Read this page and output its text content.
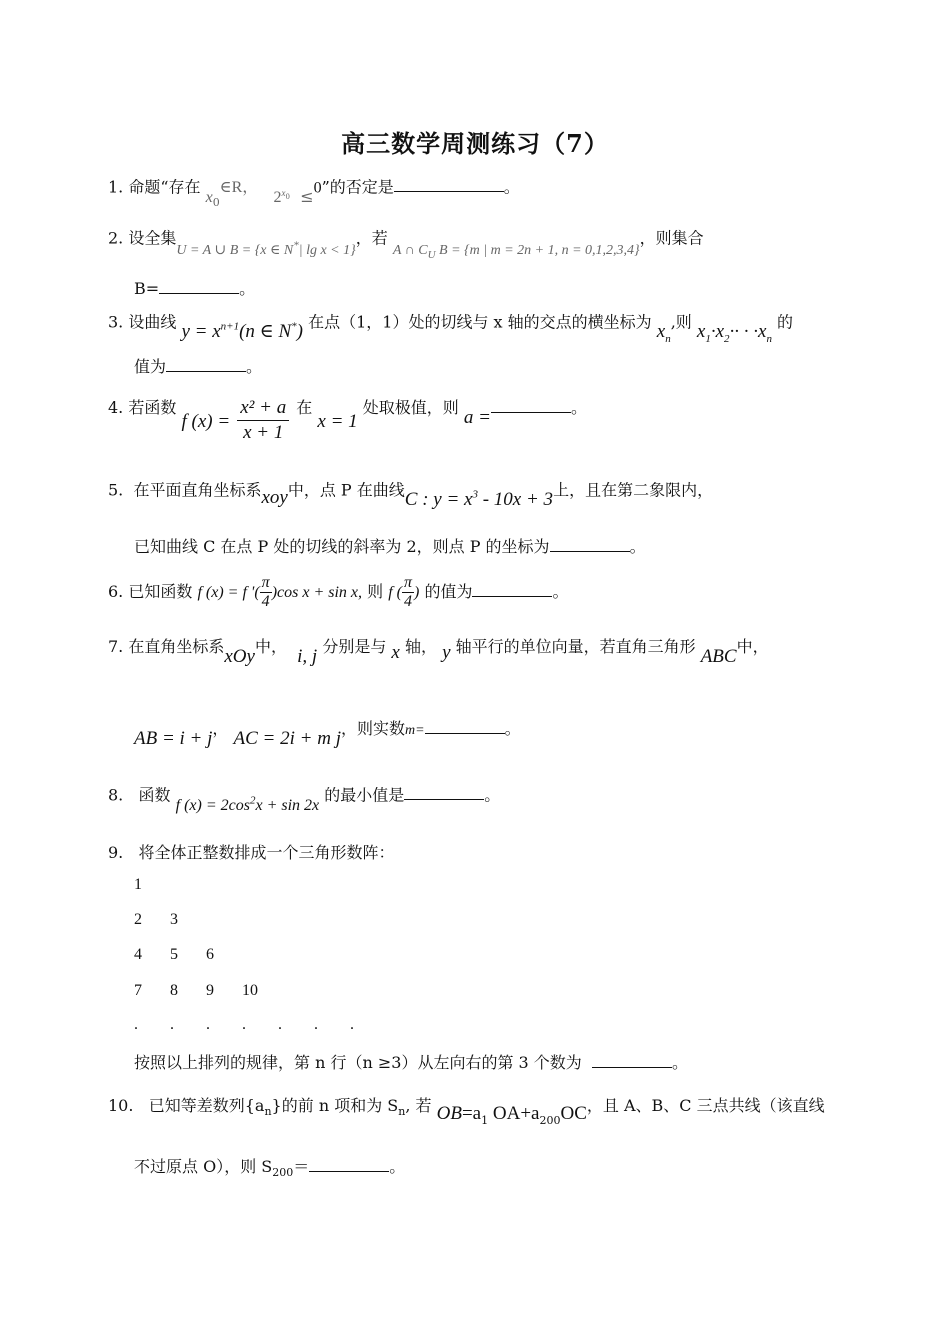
高三数学周测练习（7）
1. 命题“存在 $x_0\in R$，   $2^{x_0} \le 0$”的否定是	。
2. 设全集U = A ∪ B = {x ∈ N*| lg x < 1}，若 A ∩ $C_U$ B = {m | m = 2n + 1, n = 0,1,2,3,4}，则集合
B=	。
3. 设曲线 $y = x^{n+1}(n$ ∈ N*) 在点（1，1）处的切线与 x 轴的交点的横坐标为 $x_n$,则 $x_1\cdot x_2\cdot\cdot \cdot \cdot x_n$ 的
值为	。
4. 若函数 f $(x) = \frac{\text{x² + a}}{x + 1}$ 在 x = 1 处取极值，则 a =	。
5. 在平面直角坐标系xoy中，点 P 在曲线C : $y = x^3 - 10x + 3$上，且在第二象限内，
已知曲线 C 在点 P 处的切线的斜率为 2，则点 P 的坐标为	。
6. 已知函数 f (x) = f '( $\frac{\pi}{4} )\cos$ x + sin x, 则 f ( $\frac{\pi}{4}$ ) 的值为	。
7. 在直角坐标系xOy中， i, j 分别是与 x 轴， y 轴平行的单位向量，若直角三角形 ABC中，
AB = i + j， AC = 2i + m j，则实数m=	。
8. 函数 f $(x) = 2\cos^2x + \sin 2x$ 的最小值是	。
9. 将全体正整数排成一个三角形数阵：
1
2 3
4 5 6
7 8 9 10
. . . . . . .
按照以上排列的规律，第 n 行（n ≥3）从左向右的第 3 个数为	。
10. 已知等差数列$\{a_n\}$的前 n 项和为 $S_n$, 若 $OB=a_1$ $OA+a_{200}OC$，且 A、B、C 三点共线（该直线
不过原点 O），则 $S_{200}=$	。
